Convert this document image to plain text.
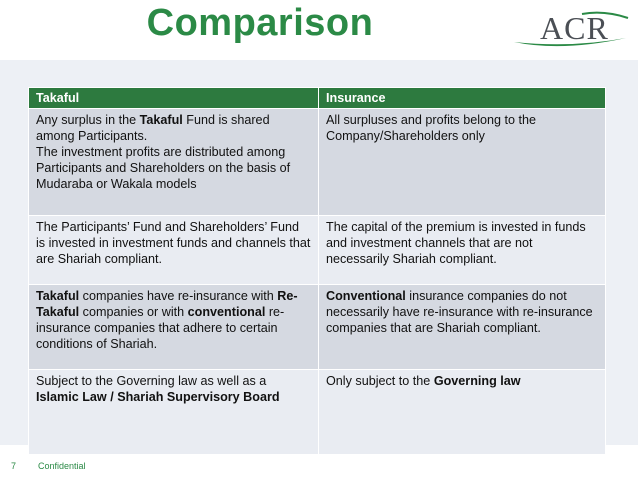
Comparison	ACR
Takaful	Insurance
Any surplus in the Takaful Fund is shared among Participants.
The investment profits are distributed among Participants and Shareholders on the basis of Mudaraba or Wakala models	All surpluses and profits belong to the Company/Shareholders only
The Participants’ Fund and Shareholders’ Fund is invested in investment funds and channels that are Shariah compliant.	The capital of the premium is invested in funds and investment channels that are not necessarily Shariah compliant.
Takaful companies have re-insurance with Re-Takaful companies or with conventional re-insurance companies that adhere to certain conditions of Shariah.	Conventional insurance companies do not necessarily have re-insurance with re-insurance companies that are Shariah compliant.
Subject to the Governing law as well as a Islamic Law / Shariah Supervisory Board	Only subject to the Governing law
7 Confidential
